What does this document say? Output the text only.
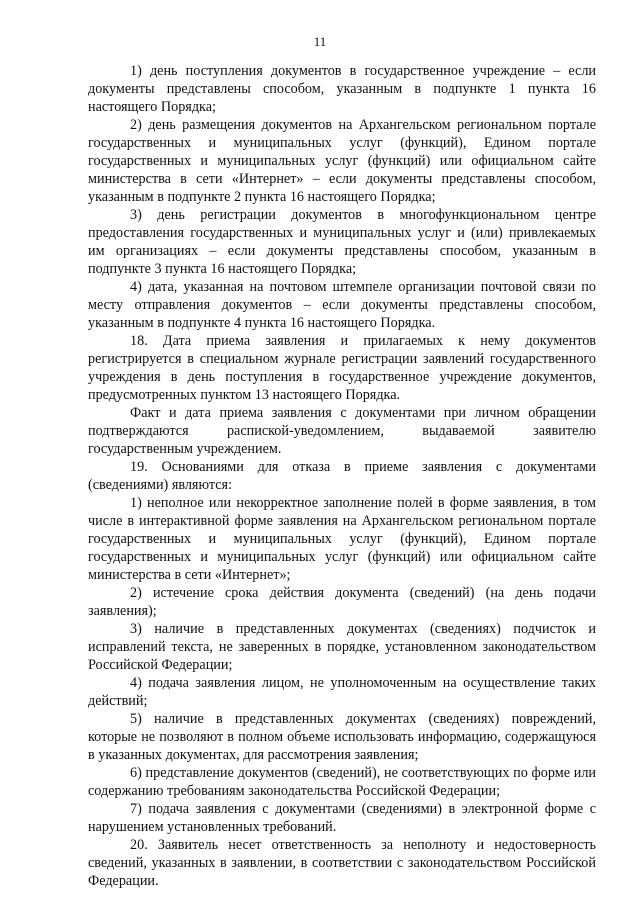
11

1) день поступления документов в государственное учреждение – если документы представлены способом, указанным в подпункте 1 пункта 16 настоящего Порядка;

2) день размещения документов на Архангельском региональном портале государственных и муниципальных услуг (функций), Едином портале государственных и муниципальных услуг (функций) или официальном сайте министерства в сети «Интернет» – если документы представлены способом, указанным в подпункте 2 пункта 16 настоящего Порядка;

3) день регистрации документов в многофункциональном центре предоставления государственных и муниципальных услуг и (или) привлекаемых им организациях – если документы представлены способом, указанным в подпункте 3 пункта 16 настоящего Порядка;

4) дата, указанная на почтовом штемпеле организации почтовой связи по месту отправления документов – если документы представлены способом, указанным в подпункте 4 пункта 16 настоящего Порядка.

18. Дата приема заявления и прилагаемых к нему документов регистрируется в специальном журнале регистрации заявлений государственного учреждения в день поступления в государственное учреждение документов, предусмотренных пунктом 13 настоящего Порядка.

Факт и дата приема заявления с документами при личном обращении подтверждаются распиской-уведомлением, выдаваемой заявителю государственным учреждением.

19. Основаниями для отказа в приеме заявления с документами (сведениями) являются:

1) неполное или некорректное заполнение полей в форме заявления, в том числе в интерактивной форме заявления на Архангельском региональном портале государственных и муниципальных услуг (функций), Едином портале государственных и муниципальных услуг (функций) или официальном сайте министерства в сети «Интернет»;

2) истечение срока действия документа (сведений) (на день подачи заявления);

3) наличие в представленных документах (сведениях) подчисток и исправлений текста, не заверенных в порядке, установленном законодательством Российской Федерации;

4) подача заявления лицом, не уполномоченным на осуществление таких действий;

5) наличие в представленных документах (сведениях) повреждений, которые не позволяют в полном объеме использовать информацию, содержащуюся в указанных документах, для рассмотрения заявления;

6) представление документов (сведений), не соответствующих по форме или содержанию требованиям законодательства Российской Федерации;

7) подача заявления с документами (сведениями) в электронной форме с нарушением установленных требований.

20. Заявитель несет ответственность за неполноту и недостоверность сведений, указанных в заявлении, в соответствии с законодательством Российской Федерации.
